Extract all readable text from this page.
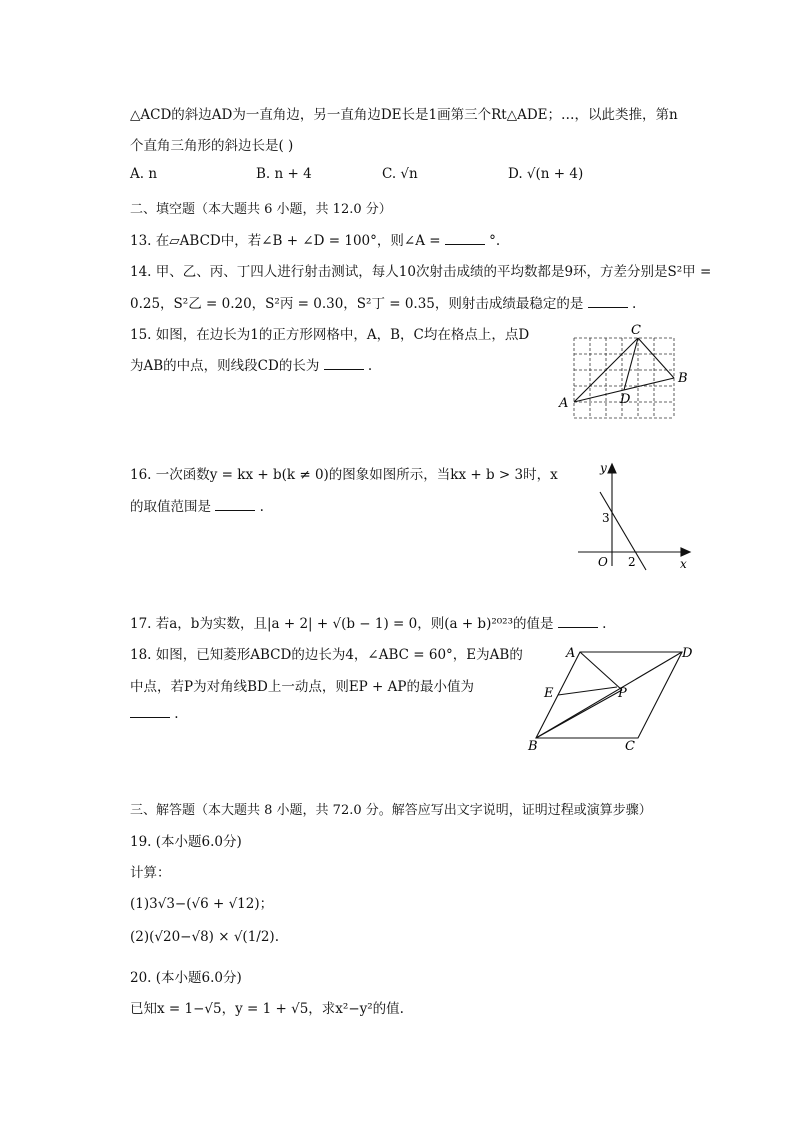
△ACD的斜边AD为一直角边，另一直角边DE长是1画第三个Rt△ADE；…，以此类推，第n
个直角三角形的斜边长是( )
A. n	B. n + 4	C. √n	D. √(n + 4)
二、填空题（本大题共 6 小题，共 12.0 分）
13. 在▱ABCD中，若∠B + ∠D = 100°，则∠A =	°.
14. 甲、乙、丙、丁四人进行射击测试，每人10次射击成绩的平均数都是9环，方差分别是S²甲 =
0.25，S²乙 = 0.20，S²丙 = 0.30，S²丁 = 0.35，则射击成绩最稳定的是	.
15. 如图，在边长为1的正方形网格中，A，B，C均在格点上，点D
为AB的中点，则线段CD的长为	.
A
B
C
D
16. 一次函数y = kx + b(k ≠ 0)的图象如图所示，当kx + b > 3时，x
的取值范围是	.
y
x
O
3
2
17. 若a，b为实数，且|a + 2| + √(b − 1) = 0，则(a + b)²⁰²³的值是	.
18. 如图，已知菱形ABCD的边长为4，∠ABC = 60°，E为AB的
中点，若P为对角线BD上一动点，则EP + AP的最小值为
.
A	D
E	P
B	C
三、解答题（本大题共 8 小题，共 72.0 分。解答应写出文字说明，证明过程或演算步骤）
19. (本小题6.0分)
计算：
(1)3√3−(√6 + √12)；
(2)(√20−√8) × √(1/2).
20. (本小题6.0分)
已知x = 1−√5，y = 1 + √5，求x²−y²的值.
